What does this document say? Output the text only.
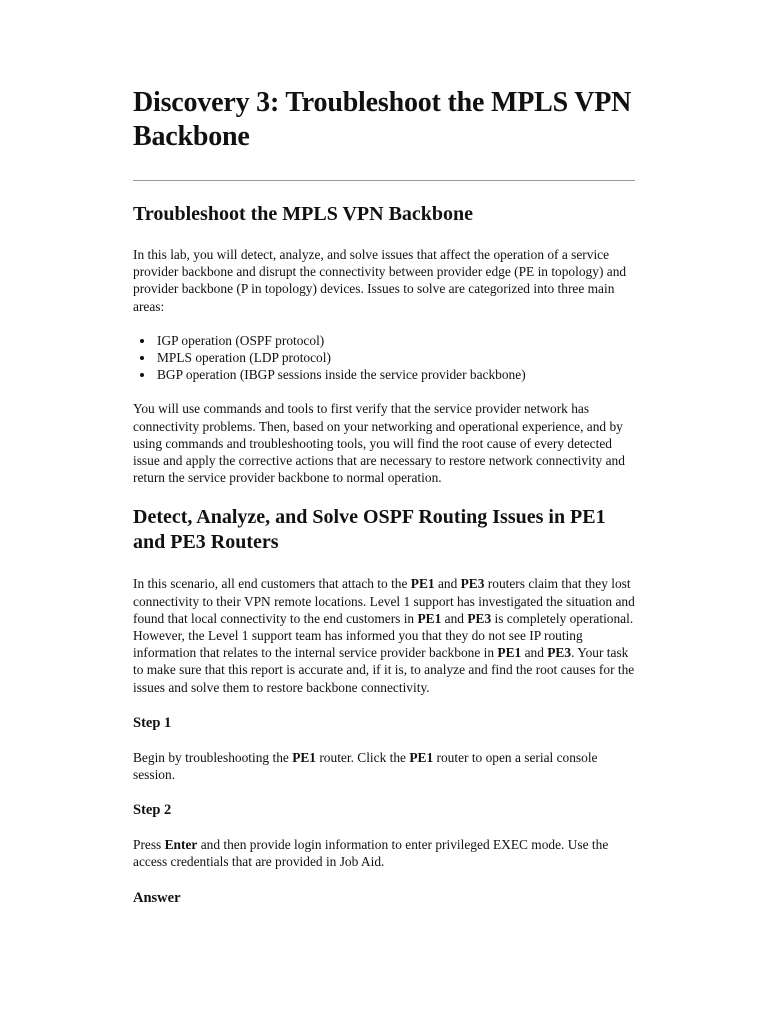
Discovery 3: Troubleshoot the MPLS VPN Backbone
Troubleshoot the MPLS VPN Backbone

In this lab, you will detect, analyze, and solve issues that affect the operation of a service provider backbone and disrupt the connectivity between provider edge (PE in topology) and provider backbone (P in topology) devices. Issues to solve are categorized into three main areas:

• IGP operation (OSPF protocol)
• MPLS operation (LDP protocol)
• BGP operation (IBGP sessions inside the service provider backbone)

You will use commands and tools to first verify that the service provider network has connectivity problems. Then, based on your networking and operational experience, and by using commands and troubleshooting tools, you will find the root cause of every detected issue and apply the corrective actions that are necessary to restore network connectivity and return the service provider backbone to normal operation.

Detect, Analyze, and Solve OSPF Routing Issues in PE1 and PE3 Routers

In this scenario, all end customers that attach to the PE1 and PE3 routers claim that they lost connectivity to their VPN remote locations. Level 1 support has investigated the situation and found that local connectivity to the end customers in PE1 and PE3 is completely operational. However, the Level 1 support team has informed you that they do not see IP routing information that relates to the internal service provider backbone in PE1 and PE3. Your task to make sure that this report is accurate and, if it is, to analyze and find the root causes for the issues and solve them to restore backbone connectivity.

Step 1

Begin by troubleshooting the PE1 router. Click the PE1 router to open a serial console session.

Step 2

Press Enter and then provide login information to enter privileged EXEC mode. Use the access credentials that are provided in Job Aid.

Answer
